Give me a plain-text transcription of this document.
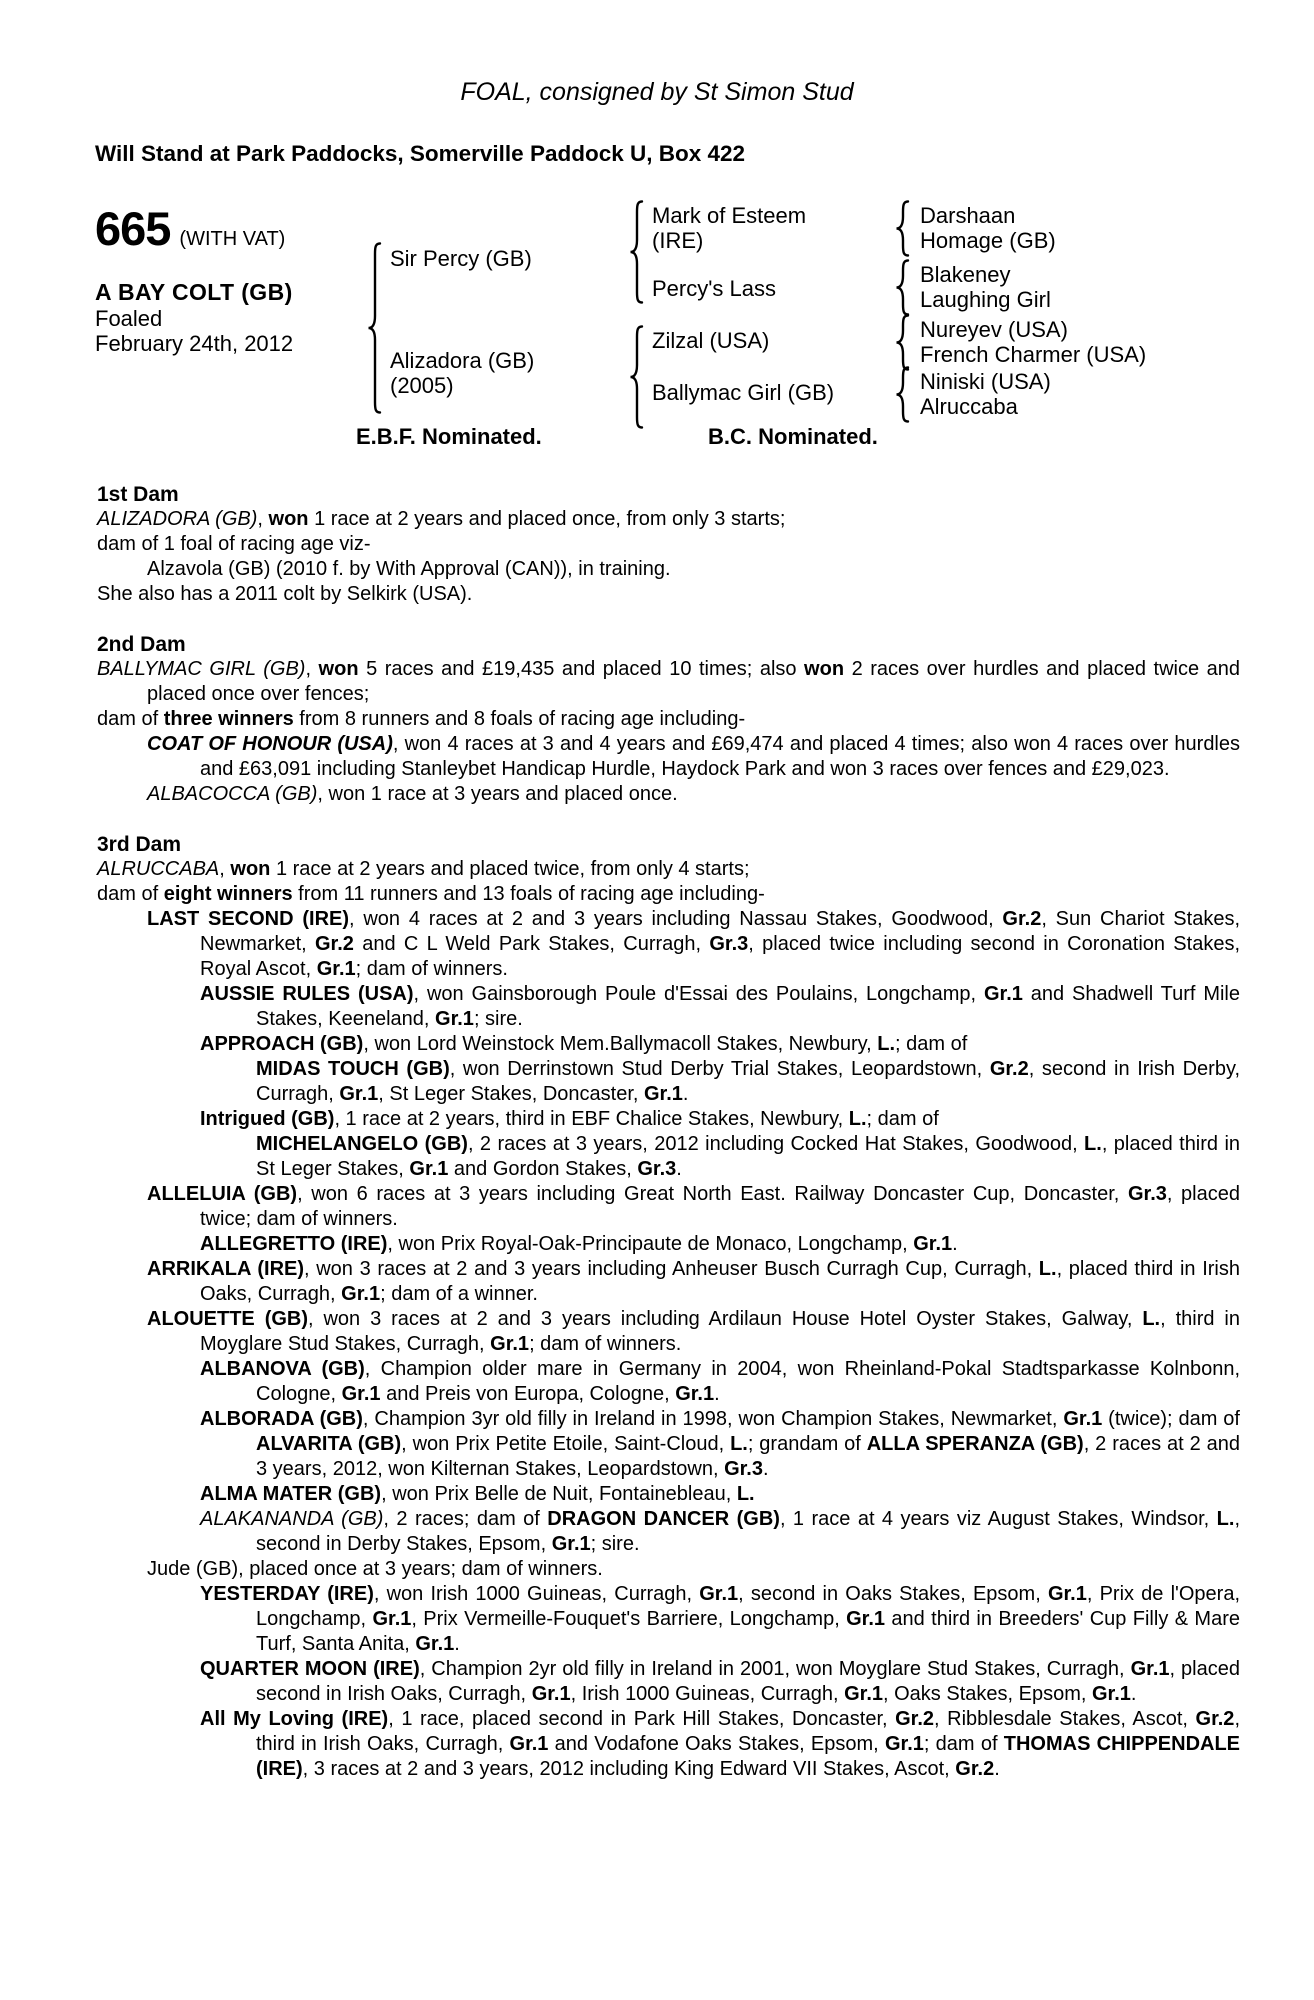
FOAL, consigned by St Simon Stud
Will Stand at Park Paddocks, Somerville Paddock U, Box 422
665 (WITH VAT)
A BAY COLT (GB)
Foaled
February 24th, 2012
Sir Percy (GB)
Alizadora (GB)
(2005)
Mark of Esteem
(IRE)
Percy's Lass
Zilzal (USA)
Ballymac Girl (GB)
Darshaan
Homage (GB)
Blakeney
Laughing Girl
Nureyev (USA)
French Charmer (USA)
Niniski (USA)
Alruccaba
E.B.F. Nominated.	B.C. Nominated.
1st Dam

ALIZADORA (GB), won 1 race at 2 years and placed once, from only 3 starts;

dam of 1 foal of racing age viz-

Alzavola (GB) (2010 f. by With Approval (CAN)), in training.

She also has a 2011 colt by Selkirk (USA).

2nd Dam

BALLYMAC GIRL (GB), won 5 races and £19,435 and placed 10 times; also won 2 races over hurdles and placed twice and placed once over fences;

dam of three winners from 8 runners and 8 foals of racing age including-

COAT OF HONOUR (USA), won 4 races at 3 and 4 years and £69,474 and placed 4 times; also won 4 races over hurdles and £63,091 including Stanleybet Handicap Hurdle, Haydock Park and won 3 races over fences and £29,023.

ALBACOCCA (GB), won 1 race at 3 years and placed once.

3rd Dam

ALRUCCABA, won 1 race at 2 years and placed twice, from only 4 starts;

dam of eight winners from 11 runners and 13 foals of racing age including-

LAST SECOND (IRE), won 4 races at 2 and 3 years including Nassau Stakes, Goodwood, Gr.2, Sun Chariot Stakes, Newmarket, Gr.2 and C L Weld Park Stakes, Curragh, Gr.3, placed twice including second in Coronation Stakes, Royal Ascot, Gr.1; dam of winners.

AUSSIE RULES (USA), won Gainsborough Poule d'Essai des Poulains, Longchamp, Gr.1 and Shadwell Turf Mile Stakes, Keeneland, Gr.1; sire.

APPROACH (GB), won Lord Weinstock Mem.Ballymacoll Stakes, Newbury, L.; dam of

MIDAS TOUCH (GB), won Derrinstown Stud Derby Trial Stakes, Leopardstown, Gr.2, second in Irish Derby, Curragh, Gr.1, St Leger Stakes, Doncaster, Gr.1.

Intrigued (GB), 1 race at 2 years, third in EBF Chalice Stakes, Newbury, L.; dam of

MICHELANGELO (GB), 2 races at 3 years, 2012 including Cocked Hat Stakes, Goodwood, L., placed third in St Leger Stakes, Gr.1 and Gordon Stakes, Gr.3.

ALLELUIA (GB), won 6 races at 3 years including Great North East. Railway Doncaster Cup, Doncaster, Gr.3, placed twice; dam of winners.

ALLEGRETTO (IRE), won Prix Royal-Oak-Principaute de Monaco, Longchamp, Gr.1.

ARRIKALA (IRE), won 3 races at 2 and 3 years including Anheuser Busch Curragh Cup, Curragh, L., placed third in Irish Oaks, Curragh, Gr.1; dam of a winner.

ALOUETTE (GB), won 3 races at 2 and 3 years including Ardilaun House Hotel Oyster Stakes, Galway, L., third in Moyglare Stud Stakes, Curragh, Gr.1; dam of winners.

ALBANOVA (GB), Champion older mare in Germany in 2004, won Rheinland-Pokal Stadtsparkasse Kolnbonn, Cologne, Gr.1 and Preis von Europa, Cologne, Gr.1.

ALBORADA (GB), Champion 3yr old filly in Ireland in 1998, won Champion Stakes, Newmarket, Gr.1 (twice); dam of ALVARITA (GB), won Prix Petite Etoile, Saint-Cloud, L.; grandam of ALLA SPERANZA (GB), 2 races at 2 and 3 years, 2012, won Kilternan Stakes, Leopardstown, Gr.3.

ALMA MATER (GB), won Prix Belle de Nuit, Fontainebleau, L.

ALAKANANDA (GB), 2 races; dam of DRAGON DANCER (GB), 1 race at 4 years viz August Stakes, Windsor, L., second in Derby Stakes, Epsom, Gr.1; sire.

Jude (GB), placed once at 3 years; dam of winners.

YESTERDAY (IRE), won Irish 1000 Guineas, Curragh, Gr.1, second in Oaks Stakes, Epsom, Gr.1, Prix de l'Opera, Longchamp, Gr.1, Prix Vermeille-Fouquet's Barriere, Longchamp, Gr.1 and third in Breeders' Cup Filly & Mare Turf, Santa Anita, Gr.1.

QUARTER MOON (IRE), Champion 2yr old filly in Ireland in 2001, won Moyglare Stud Stakes, Curragh, Gr.1, placed second in Irish Oaks, Curragh, Gr.1, Irish 1000 Guineas, Curragh, Gr.1, Oaks Stakes, Epsom, Gr.1.

All My Loving (IRE), 1 race, placed second in Park Hill Stakes, Doncaster, Gr.2, Ribblesdale Stakes, Ascot, Gr.2, third in Irish Oaks, Curragh, Gr.1 and Vodafone Oaks Stakes, Epsom, Gr.1; dam of THOMAS CHIPPENDALE (IRE), 3 races at 2 and 3 years, 2012 including King Edward VII Stakes, Ascot, Gr.2.
